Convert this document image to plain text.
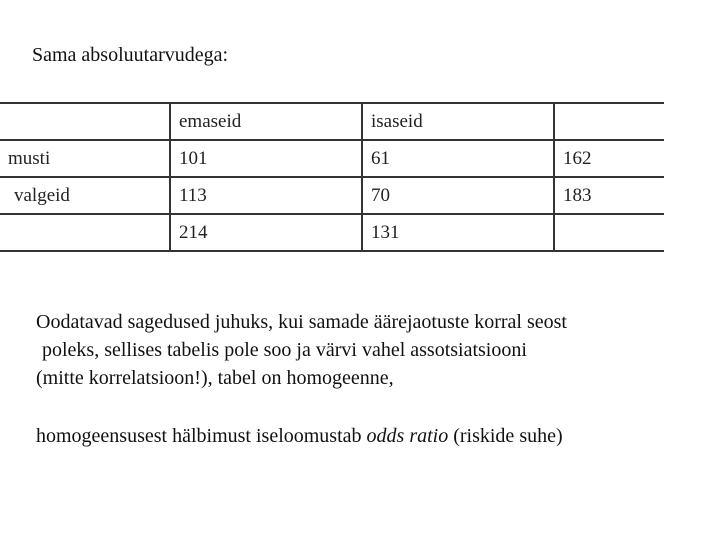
Sama absoluutarvudega:
	emaseid	isaseid	
musti	101	61	162
valgeid	113	70	183
	214	131	

Oodatavad sagedused juhuks, kui samade äärejaotuste korral seost

poleks, sellises tabelis pole soo ja värvi vahel assotsiatsiooni

(mitte korrelatsioon!), tabel on homogeenne,

homogeensusest hälbimust iseloomustab odds ratio (riskide suhe)
